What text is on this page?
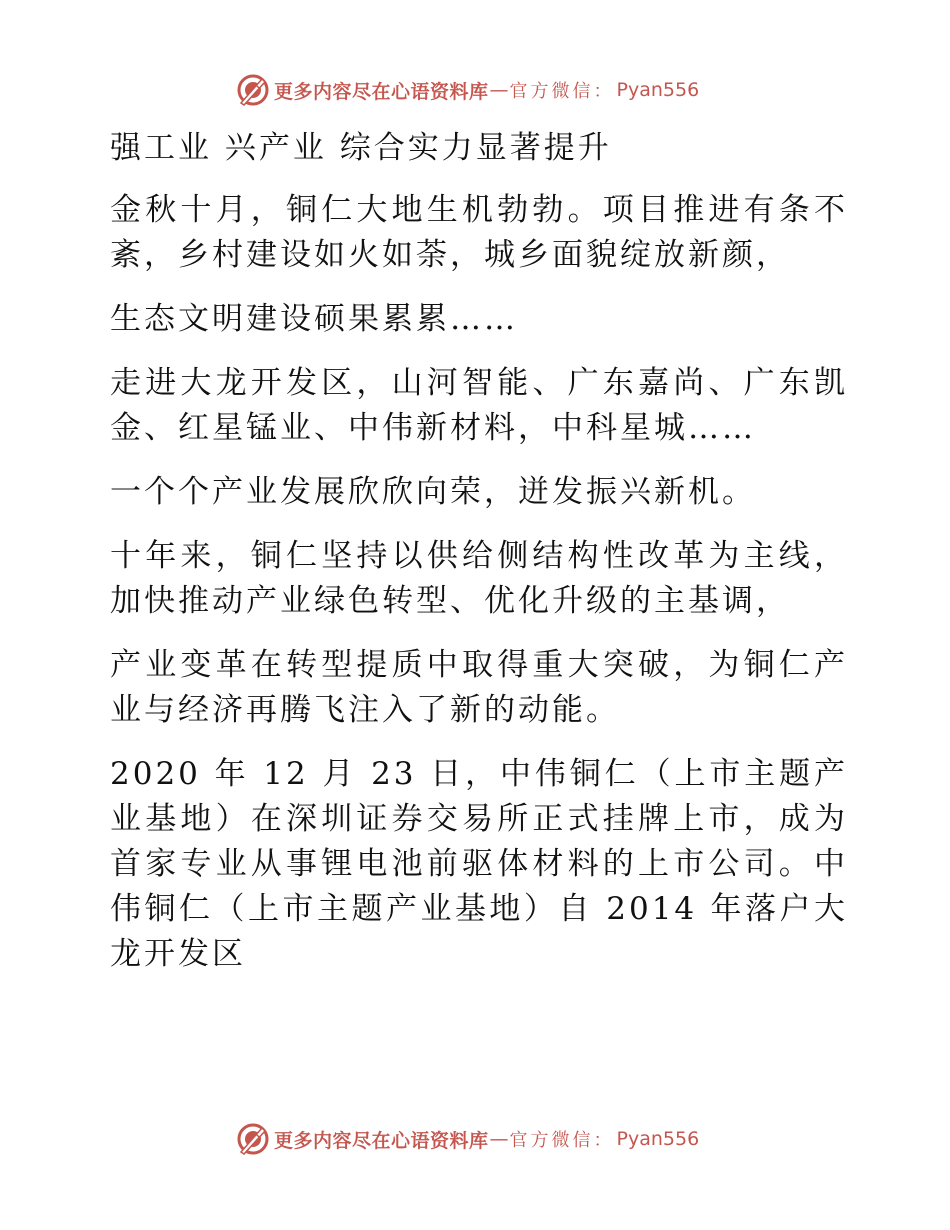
更多内容尽在心语资料库 — 官方微信： Pyan556

强工业 兴产业 综合实力显著提升

金秋十月，铜仁大地生机勃勃。项目推进有条不紊，乡村建设如火如荼，城乡面貌绽放新颜，

生态文明建设硕果累累……

走进大龙开发区，山河智能、广东嘉尚、广东凯金、红星锰业、中伟新材料，中科星城……

一个个产业发展欣欣向荣，迸发振兴新机。

十年来，铜仁坚持以供给侧结构性改革为主线，加快推动产业绿色转型、优化升级的主基调，

产业变革在转型提质中取得重大突破，为铜仁产业与经济再腾飞注入了新的动能。

2020 年 12 月 23 日，中伟铜仁（上市主题产业基地）在深圳证券交易所正式挂牌上市，成为首家专业从事锂电池前驱体材料的上市公司。中伟铜仁（上市主题产业基地）自 2014 年落户大龙开发区

更多内容尽在心语资料库 — 官方微信： Pyan556
